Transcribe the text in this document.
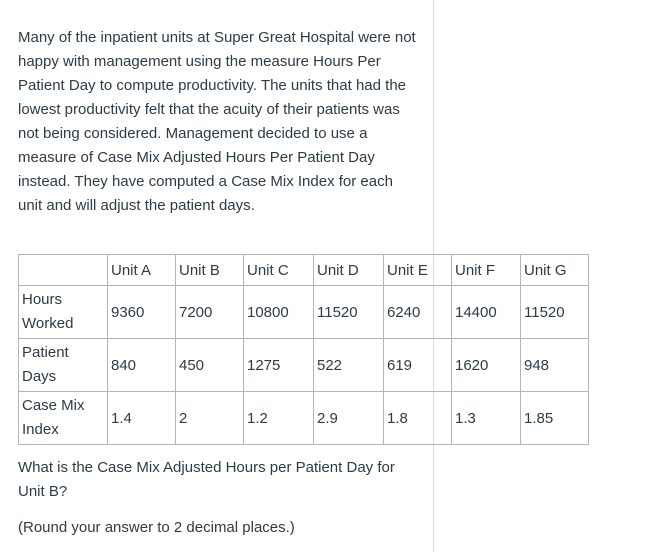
Many of the inpatient units at Super Great Hospital were not happy with management using the measure Hours Per Patient Day to compute productivity. The units that had the lowest productivity felt that the acuity of their patients was not being considered. Management decided to use a measure of Case Mix Adjusted Hours Per Patient Day instead. They have computed a Case Mix Index for each unit and will adjust the patient days.

	Unit A	Unit B	Unit C	Unit D	Unit E	Unit F	Unit G
Hours
Worked	9360	7200	10800	11520	6240	14400	11520
Patient
Days	840	450	1275	522	619	1620	948
Case Mix
Index	1.4	2	1.2	2.9	1.8	1.3	1.85

What is the Case Mix Adjusted Hours per Patient Day for Unit B?

(Round your answer to 2 decimal places.)
